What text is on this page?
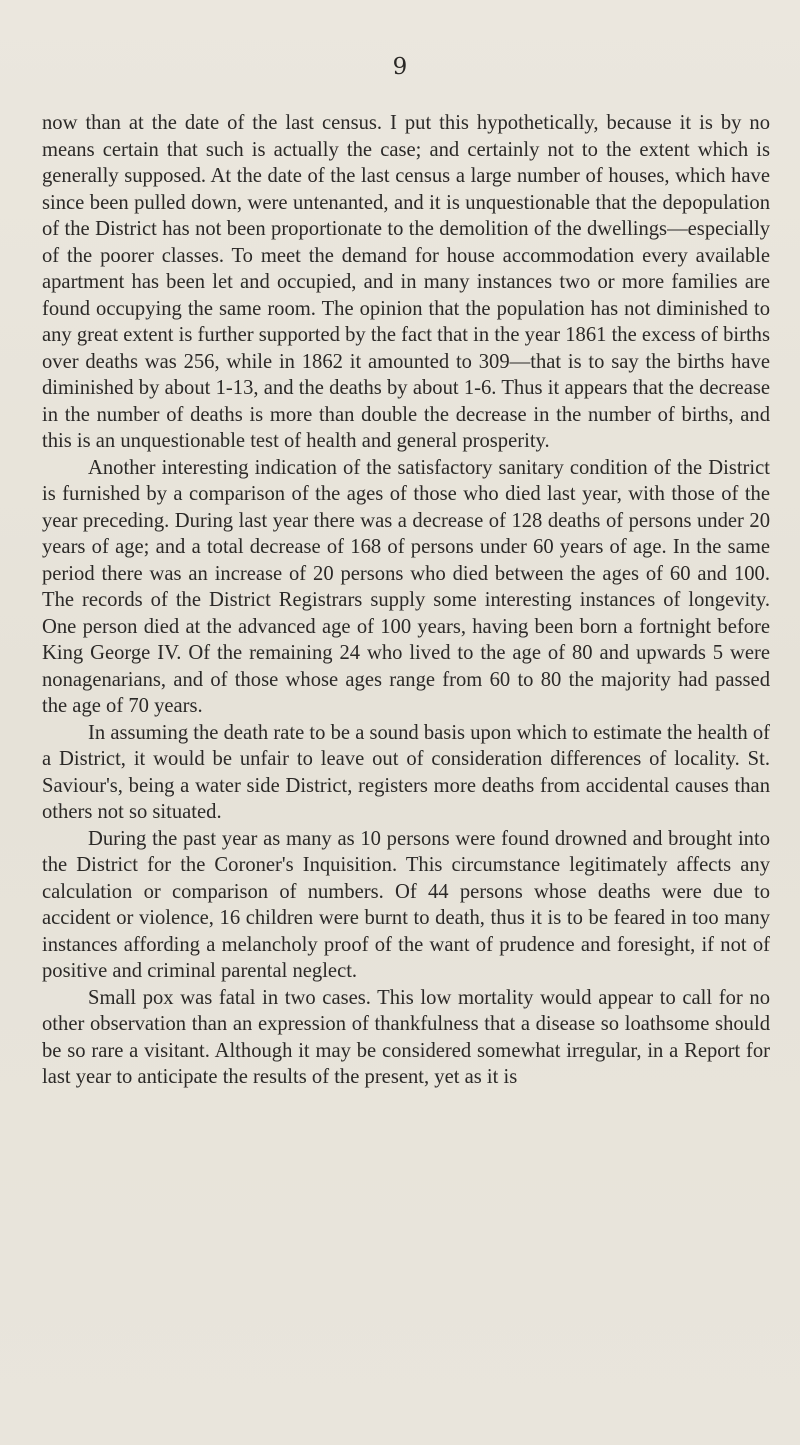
9

now than at the date of the last census. I put this hypothetically, because it is by no means certain that such is actually the case; and certainly not to the extent which is generally supposed. At the date of the last census a large number of houses, which have since been pulled down, were untenanted, and it is unquestionable that the depopulation of the District has not been proportionate to the demolition of the dwellings—especially of the poorer classes. To meet the demand for house accommodation every available apartment has been let and occupied, and in many instances two or more families are found occupying the same room. The opinion that the population has not diminished to any great extent is further supported by the fact that in the year 1861 the excess of births over deaths was 256, while in 1862 it amounted to 309—that is to say the births have diminished by about 1-13, and the deaths by about 1-6. Thus it appears that the decrease in the number of deaths is more than double the decrease in the number of births, and this is an unquestionable test of health and general prosperity.

Another interesting indication of the satisfactory sanitary condition of the District is furnished by a comparison of the ages of those who died last year, with those of the year preceding. During last year there was a decrease of 128 deaths of persons under 20 years of age; and a total decrease of 168 of persons under 60 years of age. In the same period there was an increase of 20 persons who died between the ages of 60 and 100. The records of the District Registrars supply some interesting instances of longevity. One person died at the advanced age of 100 years, having been born a fortnight before King George IV. Of the remaining 24 who lived to the age of 80 and upwards 5 were nonagenarians, and of those whose ages range from 60 to 80 the majority had passed the age of 70 years.

In assuming the death rate to be a sound basis upon which to estimate the health of a District, it would be unfair to leave out of consideration differences of locality. St. Saviour's, being a water side District, registers more deaths from accidental causes than others not so situated.

During the past year as many as 10 persons were found drowned and brought into the District for the Coroner's Inquisition. This circumstance legitimately affects any calculation or comparison of numbers. Of 44 persons whose deaths were due to accident or violence, 16 children were burnt to death, thus it is to be feared in too many instances affording a melancholy proof of the want of prudence and foresight, if not of positive and criminal parental neglect.

Small pox was fatal in two cases. This low mortality would appear to call for no other observation than an expression of thankfulness that a disease so loathsome should be so rare a visitant. Although it may be considered somewhat irregular, in a Report for last year to anticipate the results of the present, yet as it is
